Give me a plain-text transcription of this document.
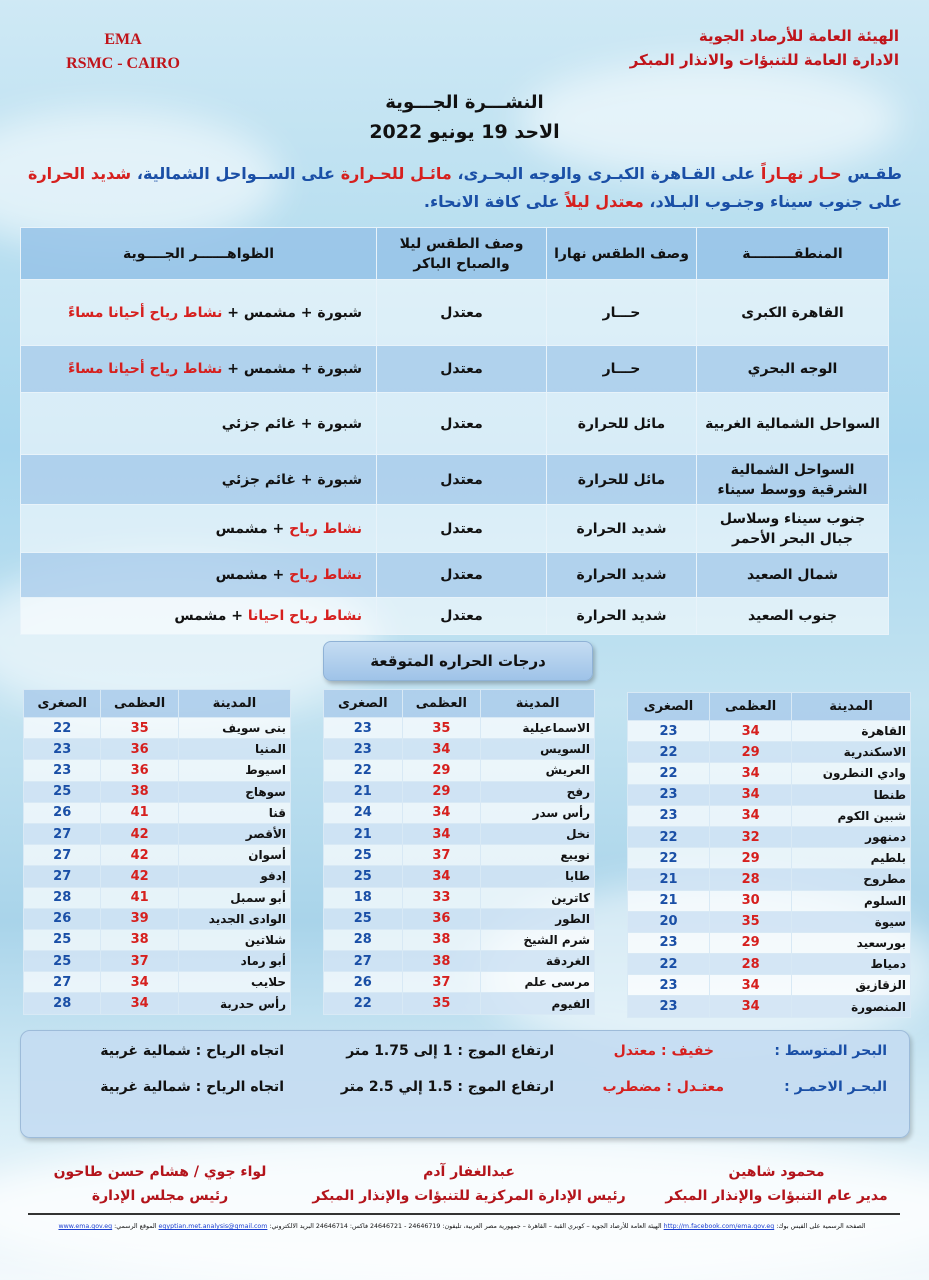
EMA
RSMC - CAIRO
الهيئة العامة للأرصاد الجوية
الادارة العامة للتنبؤات والانذار المبكر
النشـــرة الجـــوية
الاحد 19 يونيو 2022
طقـس حـار نهـاراً على القـاهرة الكبـرى والوجه البحـرى، مائـل للحـرارة على الســواحل الشمالية، شديد الحرارة على جنوب سيناء وجنـوب البـلاد، معتدل ليلاً على كافة الانحاء.
المنطقـــــــــة	وصف الطقس نهارا	وصف الطقس ليلا والصباح الباكر	الظواهــــــر الجــــوية
القاهرة الكبرى	حـــار	معتدل	شبورة + مشمس + نشاط رياح أحيانا مساءً
الوجه البحري	حـــار	معتدل	شبورة + مشمس + نشاط رياح أحيانا مساءً
السواحل الشمالية الغربية	مائل للحرارة	معتدل	شبورة + غائم جزئي
السواحل الشمالية الشرقية ووسط سيناء	مائل للحرارة	معتدل	شبورة + غائم جزئي
جنوب سيناء وسلاسل جبال البحر الأحمر	شديد الحرارة	معتدل	نشاط رياح + مشمس
شمال الصعيد	شديد الحرارة	معتدل	نشاط رياح + مشمس
جنوب الصعيد	شديد الحرارة	معتدل	نشاط رياح احيانا + مشمس
درجات الحراره المتوقعة
المدينة	العظمى	الصغرى
القاهرة	34	23
الاسكندرية	29	22
وادي النطرون	34	22
طنطا	34	23
شبين الكوم	34	23
دمنهور	32	22
بلطيم	29	22
مطروح	28	21
السلوم	30	21
سيوة	35	20
بورسعيد	29	23
دمياط	28	22
الزقازيق	34	23
المنصورة	34	23
المدينة	العظمى	الصغرى
الاسماعيلية	35	23
السويس	34	23
العريش	29	22
رفح	29	21
رأس سدر	34	24
نخل	34	21
نويبع	37	25
طابا	34	25
كاترين	33	18
الطور	36	25
شرم الشيخ	38	28
الغردقة	38	27
مرسى علم	37	26
الفيوم	35	22
المدينة	العظمى	الصغرى
بنى سويف	35	22
المنيا	36	23
اسيوط	36	23
سوهاج	38	25
قنا	41	26
الأقصر	42	27
أسوان	42	27
إدفو	42	27
أبو سمبل	41	28
الوادى الجديد	39	26
شلاتين	38	25
أبو رماد	37	25
حلايب	34	27
رأس حدربة	34	28
البحر المتوسط :
خفيف : معتدل
ارتفاع الموج : 1 إلى 1.75 متر
اتجاه الرياح : شمالية غربية
البحـر الاحمـر :
معتـدل : مضطرب
ارتفاع الموج : 1.5 إلي 2.5 متر
اتجاه الرياح : شمالية غربية
محمود شاهين
مدير عام التنبؤات والإنذار المبكر
عبدالغفار آدم
رئيس الإدارة المركزية للتنبؤات والإنذار المبكر
لواء جوي / هشام حسن طاحون
رئيس مجلس الإدارة
الصفحة الرسمية على الفيس بوك: http://m.facebook.com/ema.gov.eg الهيئة العامة للأرصاد الجوية – كوبري القبة – القاهرة – جمهورية مصر العربية، تليفون: 24646719 - 24646721 فاكس: 24646714 البريد الالكتروني: egyptian.met.analysis@gmail.com الموقع الرسمي: www.ema.gov.eg
